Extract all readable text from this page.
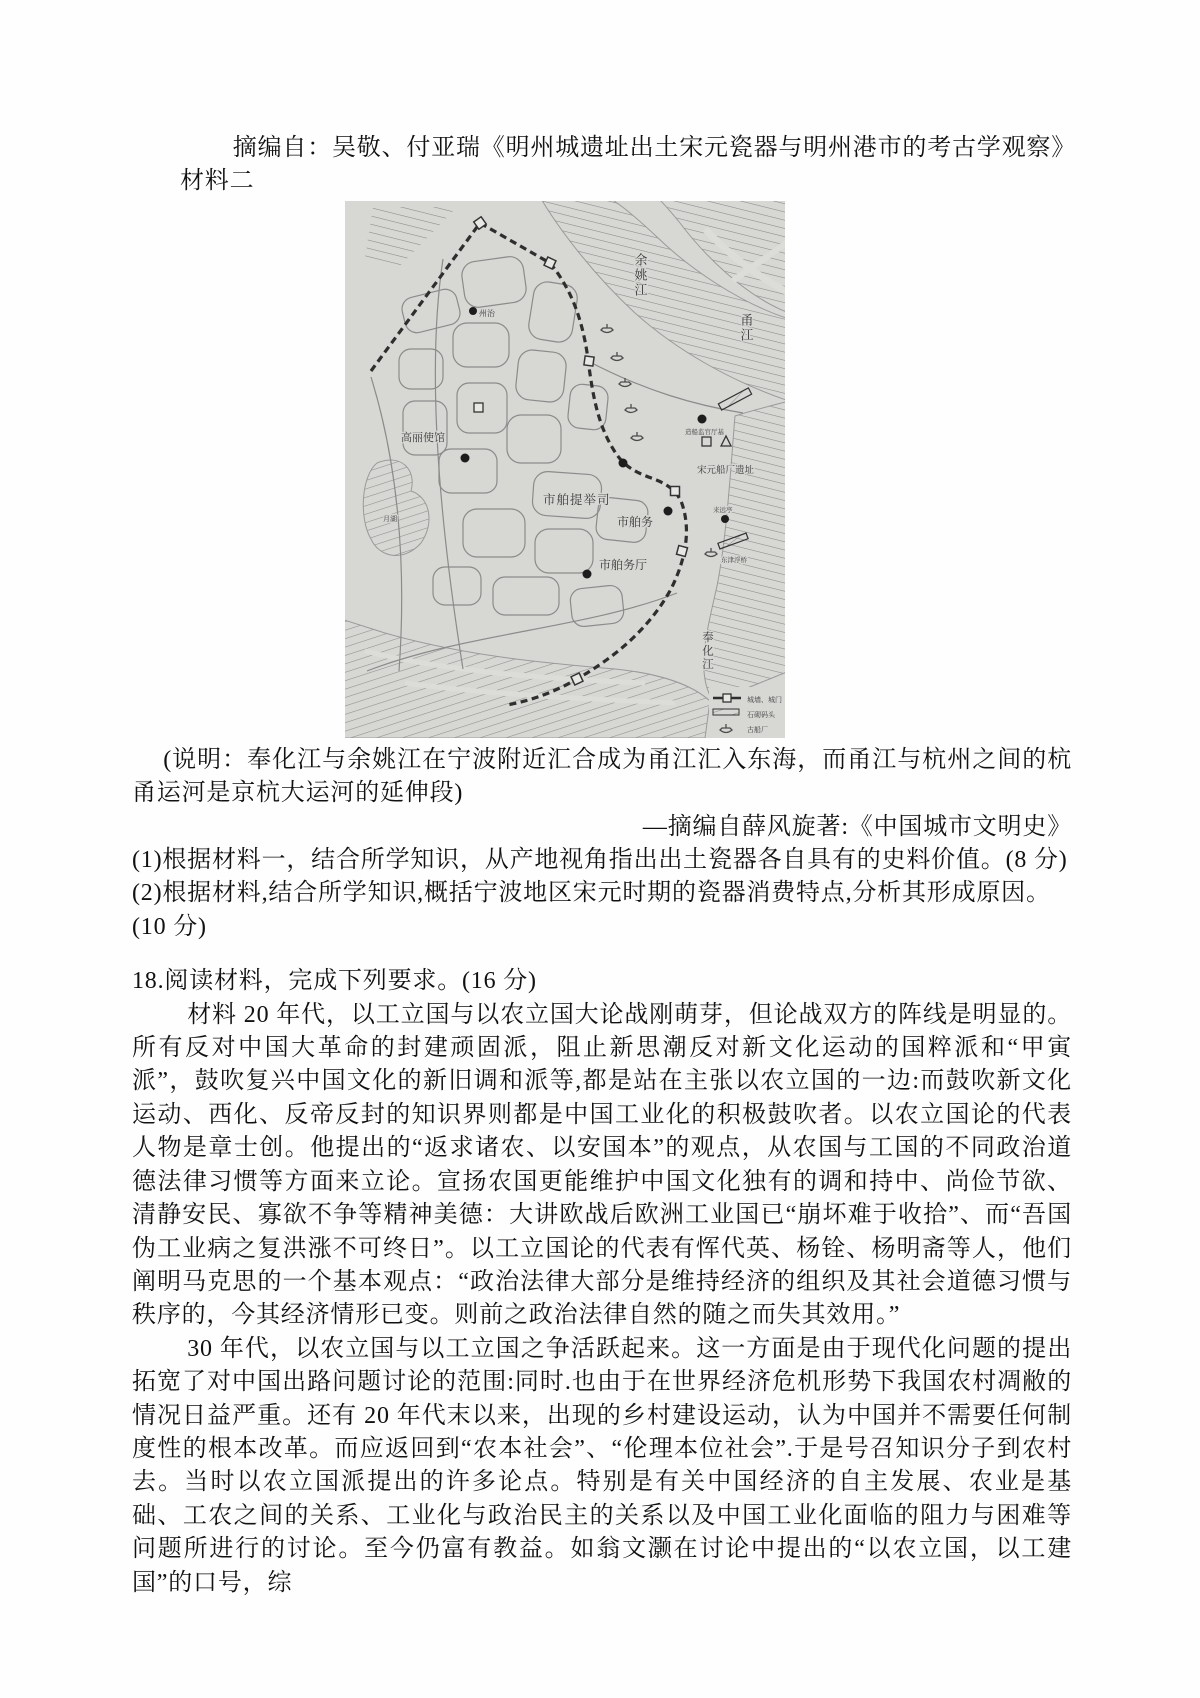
摘编自：吴敬、付亚瑞《明州城遗址出土宋元瓷器与明州港市的考古学观察》

材料二

余姚江
甬江
奉化江
高丽使馆
州治
市舶提举司
市舶务
市舶务厅
宋元船厂遗址
造船监官厅基
来远亭
东津浮桥
月湖
城墙、城门
石砌码头
古船厂

(说明：奉化江与余姚江在宁波附近汇合成为甬江汇入东海，而甬江与杭州之间的杭甬运河是京杭大运河的延伸段)

—摘编自薛风旋著:《中国城市文明史》

(1)根据材料一，结合所学知识，从产地视角指出出土瓷器各自具有的史料价值。(8 分)

(2)根据材料,结合所学知识,概括宁波地区宋元时期的瓷器消费特点,分析其形成原因。

(10 分)

18.阅读材料，完成下列要求。(16 分)

材料 20 年代，以工立国与以农立国大论战刚萌芽，但论战双方的阵线是明显的。所有反对中国大革命的封建顽固派，阻止新思潮反对新文化运动的国粹派和“甲寅派”，鼓吹复兴中国文化的新旧调和派等,都是站在主张以农立国的一边:而鼓吹新文化运动、西化、反帝反封的知识界则都是中国工业化的积极鼓吹者。以农立国论的代表人物是章士创。他提出的“返求诸农、以安国本”的观点，从农国与工国的不同政治道德法律习惯等方面来立论。宣扬农国更能维护中国文化独有的调和持中、尚俭节欲、清静安民、寡欲不争等精神美德：大讲欧战后欧洲工业国已“崩坏难于收拾”、而“吾国伪工业病之复洪涨不可终日”。以工立国论的代表有恽代英、杨铨、杨明斋等人，他们阐明马克思的一个基本观点：“政治法律大部分是维持经济的组织及其社会道德习惯与秩序的，今其经济情形已变。则前之政治法律自然的随之而失其效用。”

30 年代，以农立国与以工立国之争活跃起来。这一方面是由于现代化问题的提出拓宽了对中国出路问题讨论的范围:同时.也由于在世界经济危机形势下我国农村凋敝的情况日益严重。还有 20 年代末以来，出现的乡村建设运动，认为中国并不需要任何制度性的根本改革。而应返回到“农本社会”、“伦理本位社会”.于是号召知识分子到农村去。当时以农立国派提出的许多论点。特别是有关中国经济的自主发展、农业是基础、工农之间的关系、工业化与政治民主的关系以及中国工业化面临的阻力与困难等问题所进行的讨论。至今仍富有教益。如翁文灏在讨论中提出的“以农立国，以工建国”的口号，综
